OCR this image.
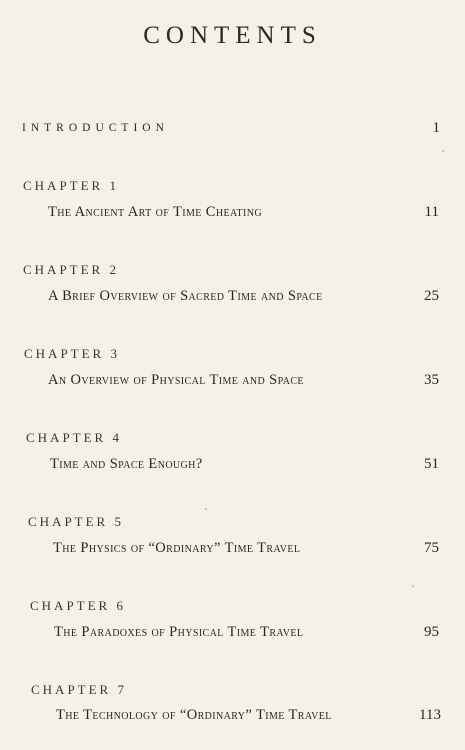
CONTENTS
INTRODUCTION	1
CHAPTER 1
The Ancient Art of Time Cheating	11
CHAPTER 2
A Brief Overview of Sacred Time and Space	25
CHAPTER 3
An Overview of Physical Time and Space	35
CHAPTER 4
Time and Space Enough?	51
CHAPTER 5
The Physics of “Ordinary” Time Travel	75
CHAPTER 6
The Paradoxes of Physical Time Travel	95
CHAPTER 7
The Technology of “Ordinary” Time Travel	113
